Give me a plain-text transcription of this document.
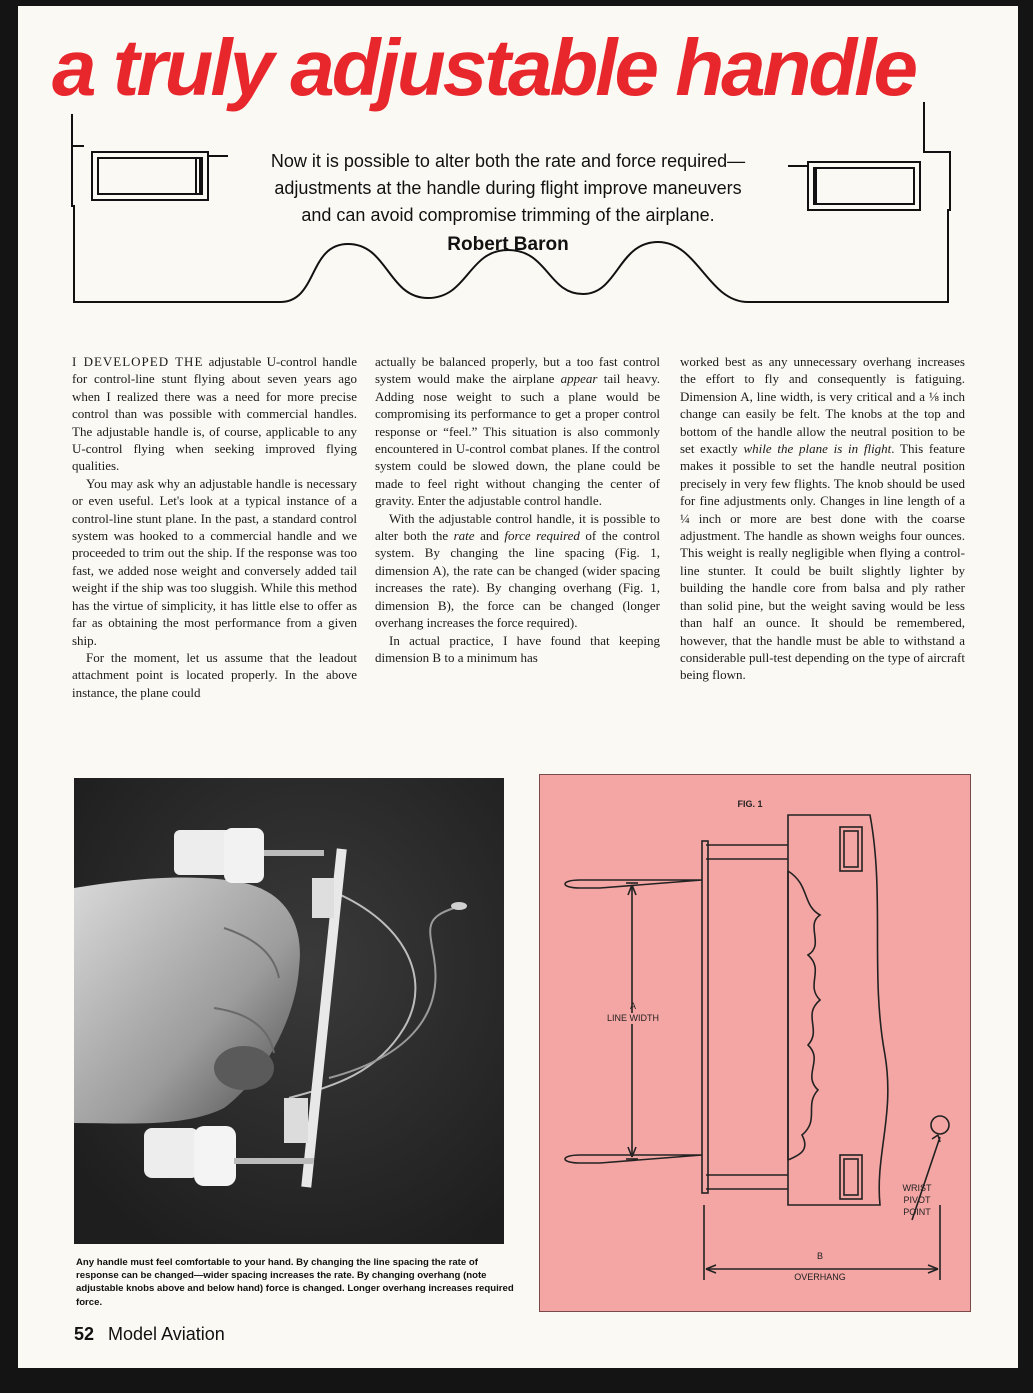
a truly adjustable handle
Now it is possible to alter both the rate and force required—
adjustments at the handle during flight improve maneuvers
and can avoid compromise trimming of the airplane.
Robert Baron

I DEVELOPED THE adjustable U-control handle for control-line stunt flying about seven years ago when I realized there was a need for more precise control than was possible with commercial handles. The adjustable handle is, of course, applicable to any U-control flying when seeking improved flying qualities.

You may ask why an adjustable handle is necessary or even useful. Let's look at a typical instance of a control-line stunt plane. In the past, a standard control system was hooked to a commercial handle and we proceeded to trim out the ship. If the response was too fast, we added nose weight and conversely added tail weight if the ship was too sluggish. While this method has the virtue of simplicity, it has little else to offer as far as obtaining the most performance from a given ship.

For the moment, let us assume that the leadout attachment point is located properly. In the above instance, the plane could

actually be balanced properly, but a too fast control system would make the airplane appear tail heavy. Adding nose weight to such a plane would be compromising its performance to get a proper control response or “feel.” This situation is also commonly encountered in U-control combat planes. If the control system could be slowed down, the plane could be made to feel right without changing the center of gravity. Enter the adjustable control handle.

With the adjustable control handle, it is possible to alter both the rate and force required of the control system. By changing the line spacing (Fig. 1, dimension A), the rate can be changed (wider spacing increases the rate). By changing overhang (Fig. 1, dimension B), the force can be changed (longer overhang increases the force required).

In actual practice, I have found that keeping dimension B to a minimum has

worked best as any unnecessary overhang increases the effort to fly and consequently is fatiguing. Dimension A, line width, is very critical and a ⅛ inch change can easily be felt. The knobs at the top and bottom of the handle allow the neutral position to be set exactly while the plane is in flight. This feature makes it possible to set the handle neutral position precisely in very few flights. The knob should be used for fine adjustments only. Changes in line length of a ¼ inch or more are best done with the coarse adjustment. The handle as shown weighs four ounces. This weight is really negligible when flying a control-line stunter. It could be built slightly lighter by building the handle core from balsa and ply rather than solid pine, but the weight saving would be less than half an ounce. It should be remembered, however, that the handle must be able to withstand a considerable pull-test depending on the type of aircraft being flown.

Any handle must feel comfortable to your hand. By changing the line spacing the rate of response can be changed—wider spacing increases the rate. By changing overhang (note adjustable knobs above and below hand) force is changed. Longer overhang increases required force.
FIG. 1
A
LINE WIDTH
B
OVERHANG
WRIST
PIVOT
POINT
52 Model Aviation
